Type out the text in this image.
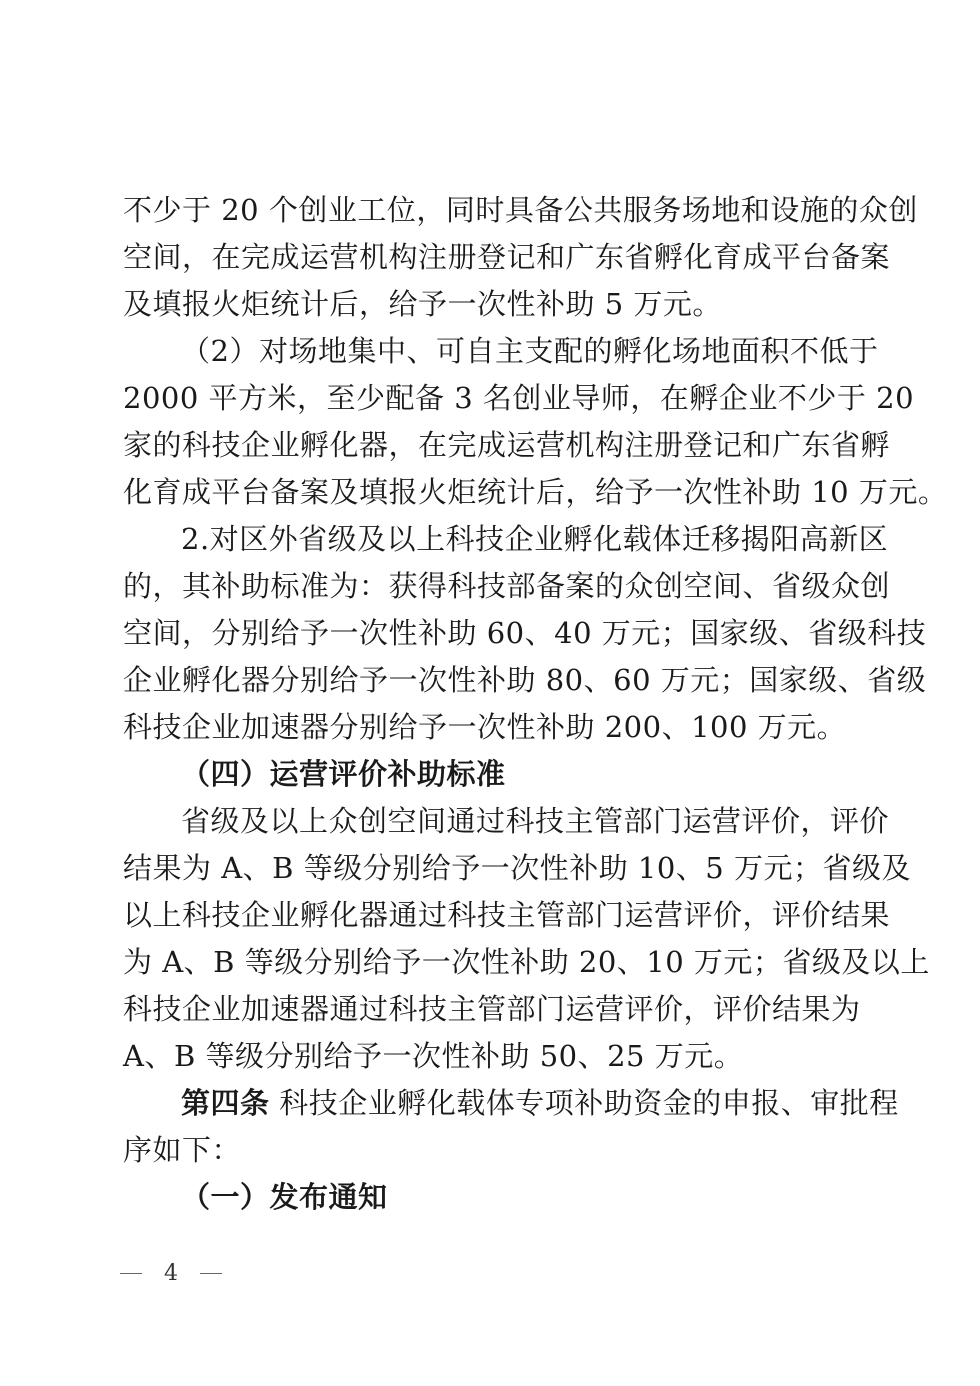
不少于 20 个创业工位，同时具备公共服务场地和设施的众创
空间，在完成运营机构注册登记和广东省孵化育成平台备案
及填报火炬统计后，给予一次性补助 5 万元。
（2）对场地集中、可自主支配的孵化场地面积不低于
2000 平方米，至少配备 3 名创业导师，在孵企业不少于 20
家的科技企业孵化器，在完成运营机构注册登记和广东省孵
化育成平台备案及填报火炬统计后，给予一次性补助 10 万元。
2.对区外省级及以上科技企业孵化载体迁移揭阳高新区
的，其补助标准为：获得科技部备案的众创空间、省级众创
空间，分别给予一次性补助 60、40 万元；国家级、省级科技
企业孵化器分别给予一次性补助 80、60 万元；国家级、省级
科技企业加速器分别给予一次性补助 200、100 万元。
（四）运营评价补助标准
省级及以上众创空间通过科技主管部门运营评价，评价
结果为 A、B 等级分别给予一次性补助 10、5 万元；省级及
以上科技企业孵化器通过科技主管部门运营评价，评价结果
为 A、B 等级分别给予一次性补助 20、10 万元；省级及以上
科技企业加速器通过科技主管部门运营评价，评价结果为
A、B 等级分别给予一次性补助 50、25 万元。
第四条 科技企业孵化载体专项补助资金的申报、审批程
序如下：
（一）发布通知
4
